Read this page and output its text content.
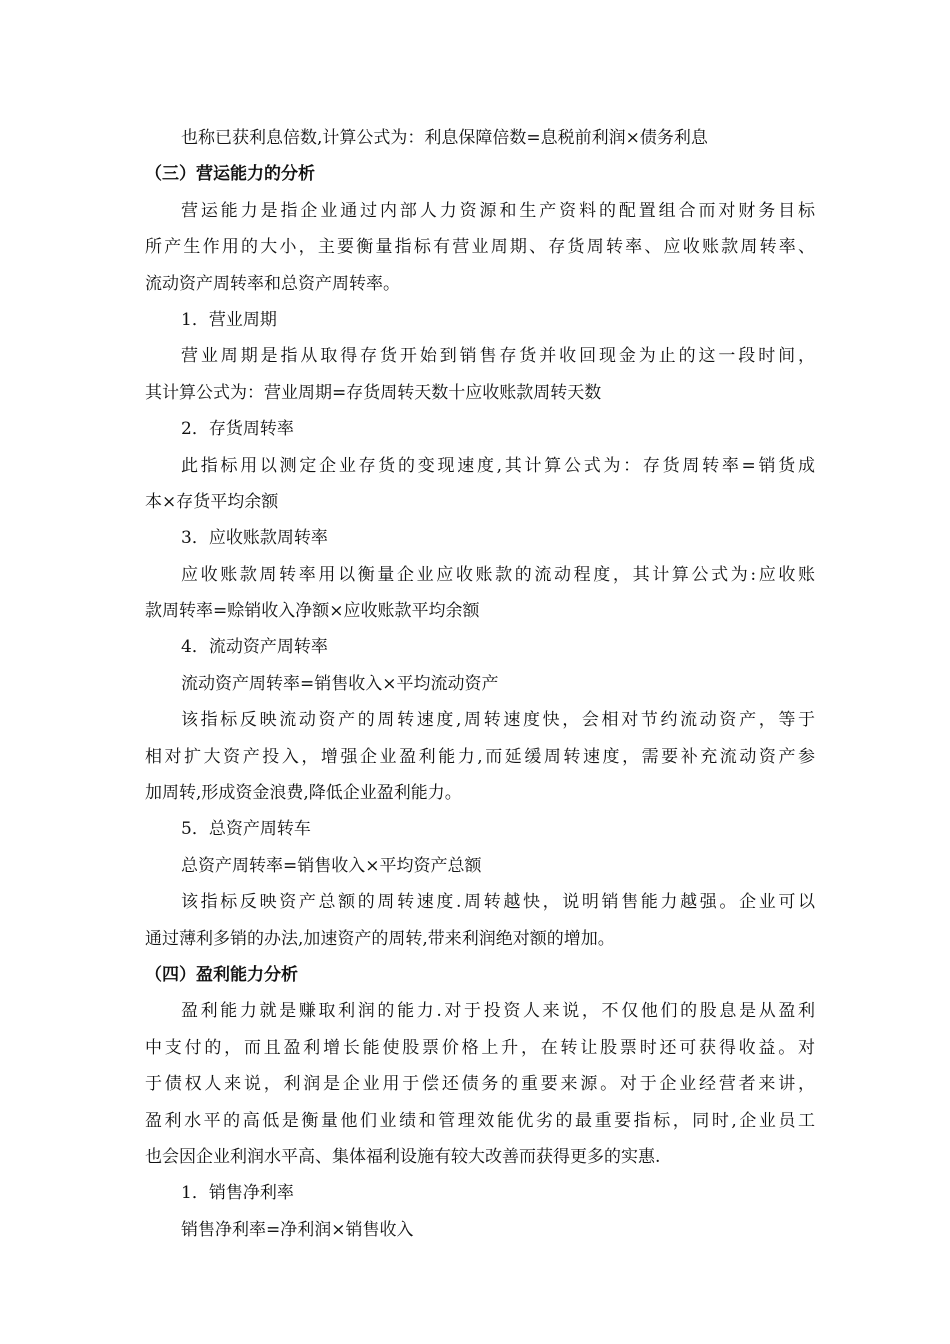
也称已获利息倍数,计算公式为：利息保障倍数=息税前利润×债务利息
（三）营运能力的分析
营运能力是指企业通过内部人力资源和生产资料的配置组合而对财务目标
所产生作用的大小，主要衡量指标有营业周期、存货周转率、应收账款周转率、
流动资产周转率和总资产周转率。
1．营业周期
营业周期是指从取得存货开始到销售存货并收回现金为止的这一段时间，
其计算公式为：营业周期=存货周转天数十应收账款周转天数
2．存货周转率
此指标用以测定企业存货的变现速度,其计算公式为：存货周转率=销货成
本×存货平均余额
3．应收账款周转率
应收账款周转率用以衡量企业应收账款的流动程度，其计算公式为:应收账
款周转率=赊销收入净额×应收账款平均余额
4．流动资产周转率
流动资产周转率=销售收入×平均流动资产
该指标反映流动资产的周转速度,周转速度快，会相对节约流动资产，等于
相对扩大资产投入，增强企业盈利能力,而延缓周转速度，需要补充流动资产参
加周转,形成资金浪费,降低企业盈利能力。
5．总资产周转车
总资产周转率=销售收入×平均资产总额
该指标反映资产总额的周转速度.周转越快，说明销售能力越强。企业可以
通过薄利多销的办法,加速资产的周转,带来利润绝对额的增加。
（四）盈利能力分析
盈利能力就是赚取利润的能力.对于投资人来说，不仅他们的股息是从盈利
中支付的，而且盈利增长能使股票价格上升，在转让股票时还可获得收益。对
于债权人来说，利润是企业用于偿还债务的重要来源。对于企业经营者来讲，
盈利水平的高低是衡量他们业绩和管理效能优劣的最重要指标，同时,企业员工
也会因企业利润水平高、集体福利设施有较大改善而获得更多的实惠.
1．销售净利率
销售净利率=净利润×销售收入
